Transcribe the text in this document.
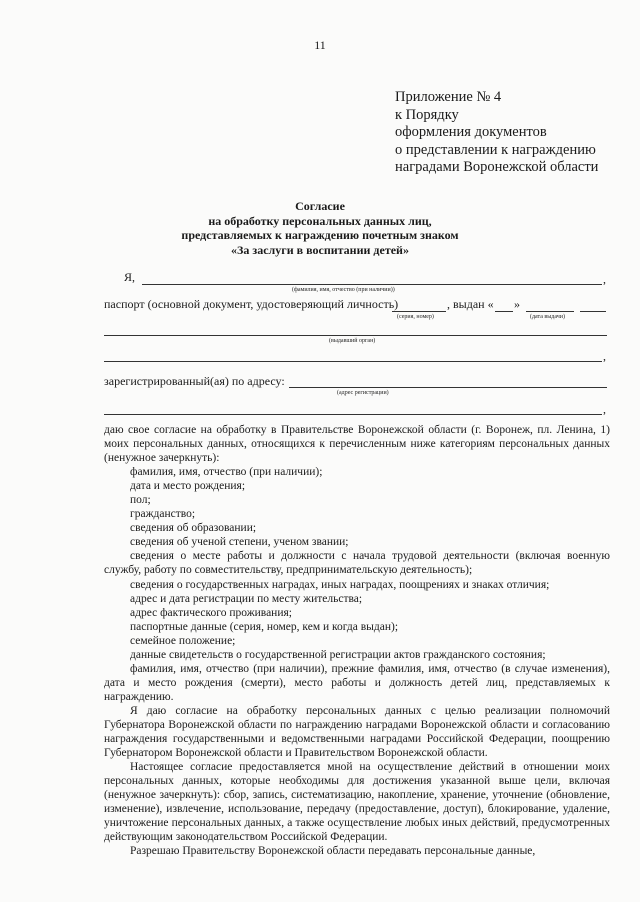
11
Приложение № 4
к Порядку
оформления документов
о представлении к награждению
наградами Воронежской области
Согласие
на обработку персональных данных лиц,
представляемых к награждению почетным знаком
«За заслуги в воспитании детей»
Я,	,
(фамилия, имя, отчество (при наличии))
паспорт (основной документ, удостоверяющий личность)	, выдан « »
(серия, номер)	(дата выдачи)
(выдавший орган)
,
зарегистрированный(ая) по адресу:
(адрес регистрации)
,

даю свое согласие на обработку в Правительстве Воронежской области (г. Воронеж, пл. Ленина, 1) моих персональных данных, относящихся к перечисленным ниже категориям персональных данных (ненужное зачеркнуть):

фамилия, имя, отчество (при наличии);
дата и место рождения;
пол;
гражданство;
сведения об образовании;
сведения об ученой степени, ученом звании;

сведения о месте работы и должности с начала трудовой деятельности (включая военную службу, работу по совместительству, предпринимательскую деятельность);

сведения о государственных наградах, иных наградах, поощрениях и знаках отличия;
адрес и дата регистрации по месту жительства;
адрес фактического проживания;
паспортные данные (серия, номер, кем и когда выдан);
семейное положение;
данные свидетельств о государственной регистрации актов гражданского состояния;

фамилия, имя, отчество (при наличии), прежние фамилия, имя, отчество (в случае изменения), дата и место рождения (смерти), место работы и должность детей лиц, представляемых к награждению.

Я даю согласие на обработку персональных данных с целью реализации полномочий Губернатора Воронежской области по награждению наградами Воронежской области и согласованию награждения государственными и ведомственными наградами Российской Федерации, поощрению Губернатором Воронежской области и Правительством Воронежской области.

Настоящее согласие предоставляется мной на осуществление действий в отношении моих персональных данных, которые необходимы для достижения указанной выше цели, включая (ненужное зачеркнуть): сбор, запись, систематизацию, накопление, хранение, уточнение (обновление, изменение), извлечение, использование, передачу (предоставление, доступ), блокирование, удаление, уничтожение персональных данных, а также осуществление любых иных действий, предусмотренных действующим законодательством Российской Федерации.

Разрешаю Правительству Воронежской области передавать персональные данные,
